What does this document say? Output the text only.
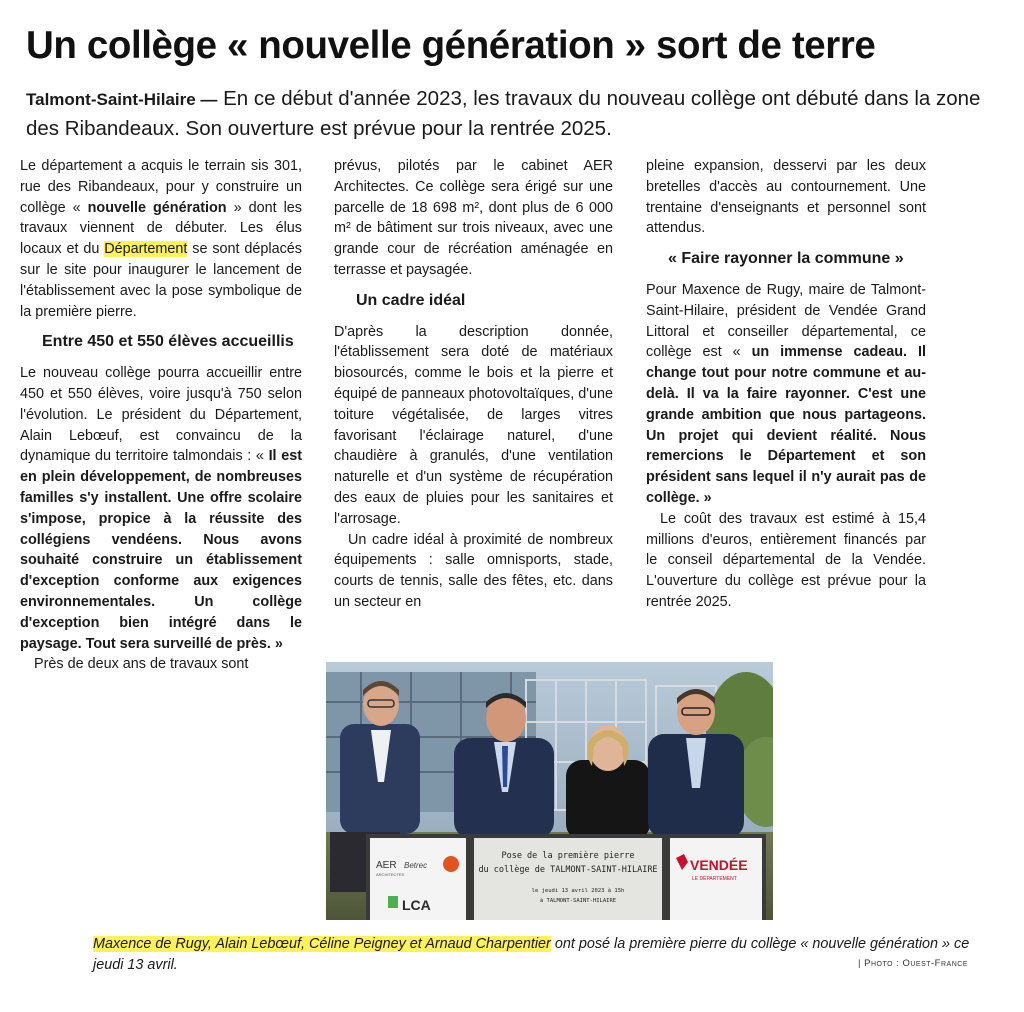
Un collège « nouvelle génération » sort de terre
Talmont-Saint-Hilaire — En ce début d'année 2023, les travaux du nouveau collège ont débuté dans la zone des Ribandeaux. Son ouverture est prévue pour la rentrée 2025.

Le département a acquis le terrain sis 301, rue des Ribandeaux, pour y construire un collège « nouvelle génération » dont les travaux viennent de débuter. Les élus locaux et du Département se sont déplacés sur le site pour inaugurer le lancement de l'établissement avec la pose symbolique de la première pierre.

Entre 450 et 550 élèves accueillis

Le nouveau collège pourra accueillir entre 450 et 550 élèves, voire jusqu'à 750 selon l'évolution. Le président du Département, Alain Lebœuf, est convaincu de la dynamique du territoire talmondais : « Il est en plein développement, de nombreuses familles s'y installent. Une offre scolaire s'impose, propice à la réussite des collégiens vendéens. Nous avons souhaité construire un établissement d'exception conforme aux exigences environnementales. Un collège d'exception bien intégré dans le paysage. Tout sera surveillé de près. »

Près de deux ans de travaux sont

prévus, pilotés par le cabinet AER Architectes. Ce collège sera érigé sur une parcelle de 18 698 m², dont plus de 6 000 m² de bâtiment sur trois niveaux, avec une grande cour de récréation aménagée en terrasse et paysagée.

Un cadre idéal

D'après la description donnée, l'établissement sera doté de matériaux biosourcés, comme le bois et la pierre et équipé de panneaux photovoltaïques, d'une toiture végétalisée, de larges vitres favorisant l'éclairage naturel, d'une chaudière à granulés, d'une ventilation naturelle et d'un système de récupération des eaux de pluies pour les sanitaires et l'arrosage.

Un cadre idéal à proximité de nombreux équipements : salle omnisports, stade, courts de tennis, salle des fêtes, etc. dans un secteur en

pleine expansion, desservi par les deux bretelles d'accès au contournement. Une trentaine d'enseignants et personnel sont attendus.

« Faire rayonner la commune »

Pour Maxence de Rugy, maire de Talmont-Saint-Hilaire, président de Vendée Grand Littoral et conseiller départemental, ce collège est « un immense cadeau. Il change tout pour notre commune et au-delà. Il va la faire rayonner. C'est une grande ambition que nous partageons. Un projet qui devient réalité. Nous remercions le Département et son président sans lequel il n'y aurait pas de collège. »

Le coût des travaux est estimé à 15,4 millions d'euros, entièrement financés par le conseil départemental de la Vendée. L'ouverture du collège est prévue pour la rentrée 2025.

Pose de la première pierre
du collège de TALMONT-SAINT-HILAIRE
le jeudi 13 avril 2023 à 15h
à TALMONT-SAINT-HILAIRE
AER
ARCHITECTES
Betrec
LCA
VENDÉE
LE DÉPARTEMENT
Maxence de Rugy, Alain Lebœuf, Céline Peigney et Arnaud Charpentier ont posé la première pierre du collège « nouvelle génération » ce jeudi 13 avril.	| Photo : Ouest-France
